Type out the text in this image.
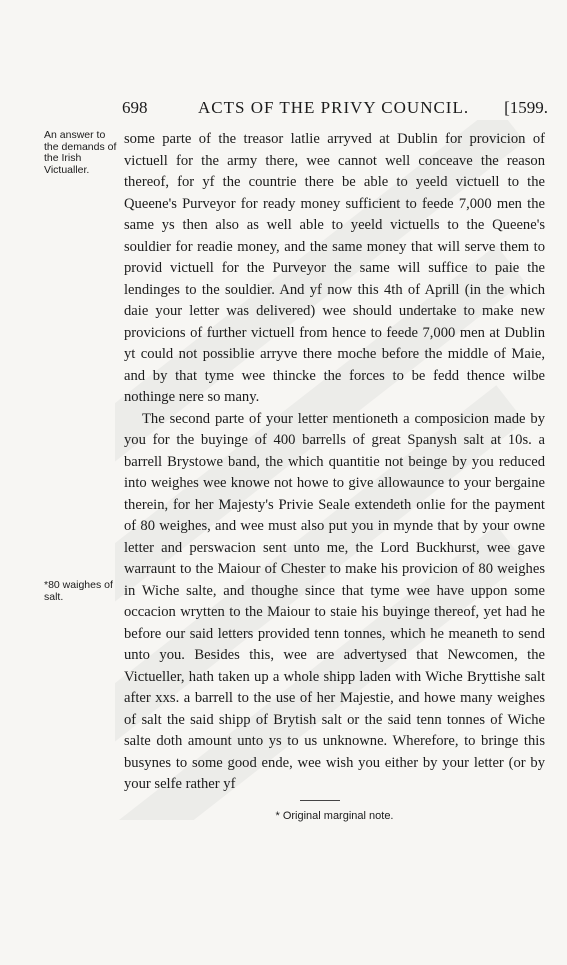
698	ACTS OF THE PRIVY COUNCIL. [1599.
An answer to the demands of the Irish Victualler.
*80 waighes of salt.

some parte of the treasor latlie arryved at Dublin for provicion of victuell for the army there, wee cannot well conceave the reason thereof, for yf the countrie there be able to yeeld victuell to the Queene's Purveyor for ready money sufficient to feede 7,000 men the same ys then also as well able to yeeld victuells to the Queene's souldier for readie money, and the same money that will serve them to provid victuell for the Purveyor the same will suffice to paie the lendinges to the souldier. And yf now this 4th of Aprill (in the which daie your letter was delivered) wee should undertake to make new provicions of further victuell from hence to feede 7,000 men at Dublin yt could not possiblie arryve there moche before the middle of Maie, and by that tyme wee thincke the forces to be fedd thence wilbe nothinge nere so many.

The second parte of your letter mentioneth a composicion made by you for the buyinge of 400 barrells of great Spanysh salt at 10s. a barrell Brystowe band, the which quantitie not beinge by you reduced into weighes wee knowe not howe to give allowaunce to your bergaine therein, for her Majesty's Privie Seale extendeth onlie for the payment of 80 weighes, and wee must also put you in mynde that by your owne letter and perswacion sent unto me, the Lord Buckhurst, wee gave warraunt to the Maiour of Chester to make his provicion of 80 weighes in Wiche salte, and thoughe since that tyme wee have uppon some occacion wrytten to the Maiour to staie his buyinge thereof, yet had he before our said letters provided tenn tonnes, which he meaneth to send unto you. Besides this, wee are advertysed that Newcomen, the Victueller, hath taken up a whole shipp laden with Wiche Bryttishe salt after xxs. a barrell to the use of her Majestie, and howe many weighes of salt the said shipp of Brytish salt or the said tenn tonnes of Wiche salte doth amount unto ys to us unknowne. Wherefore, to bringe this busynes to some good ende, wee wish you either by your letter (or by your selfe rather yf

* Original marginal note.
